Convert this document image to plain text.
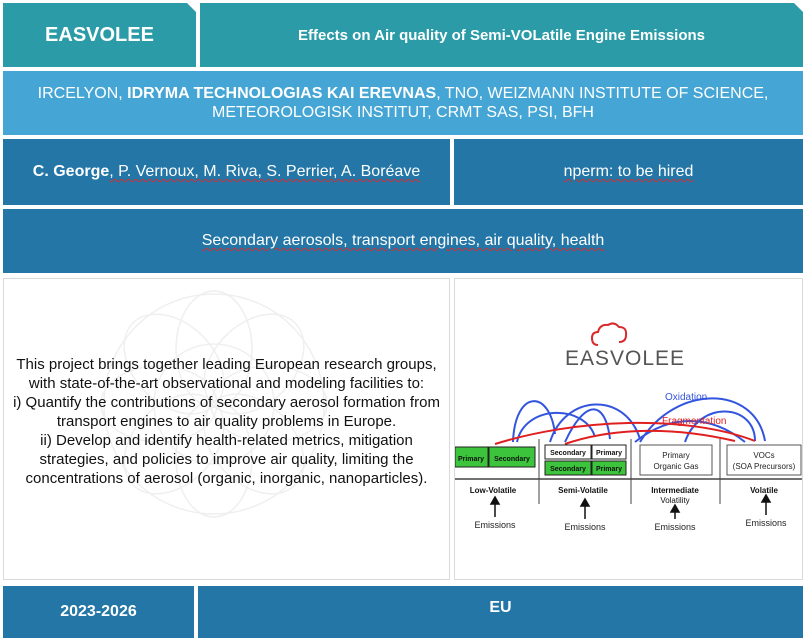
EASVOLEE	Effects on Air quality of Semi-VOLatile Engine Emissions
IRCELYON, IDRYMA TECHNOLOGIAS KAI EREVNAS, TNO, WEIZMANN INSTITUTE OF SCIENCE, METEOROLOGISK INSTITUT, CRMT SAS, PSI, BFH
C. George, P. Vernoux, M. Riva, S. Perrier, A. Boréave	nperm: to be hired
Secondary aerosols, transport engines, air quality, health

This project brings together leading European research groups, with state-of-the-art observational and modeling facilities to:

i) Quantify the contributions of secondary aerosol formation from transport engines to air quality problems in Europe.

ii) Develop and identify health-related metrics, mitigation strategies, and policies to improve air quality, limiting the concentrations of aerosol (organic, inorganic, nanoparticles).

EASVOLEE
Oxidation
Fragmentation
Primary Secondary
Secondary Primary
Secondary Primary
Primary
Organic Gas
VOCs
(SOA Precursors)
Low-Volatile	Semi-Volatile	Intermediate
Volatility
Volatile
Emissions	Emissions	Emissions	Emissions
2023-2026	EU
